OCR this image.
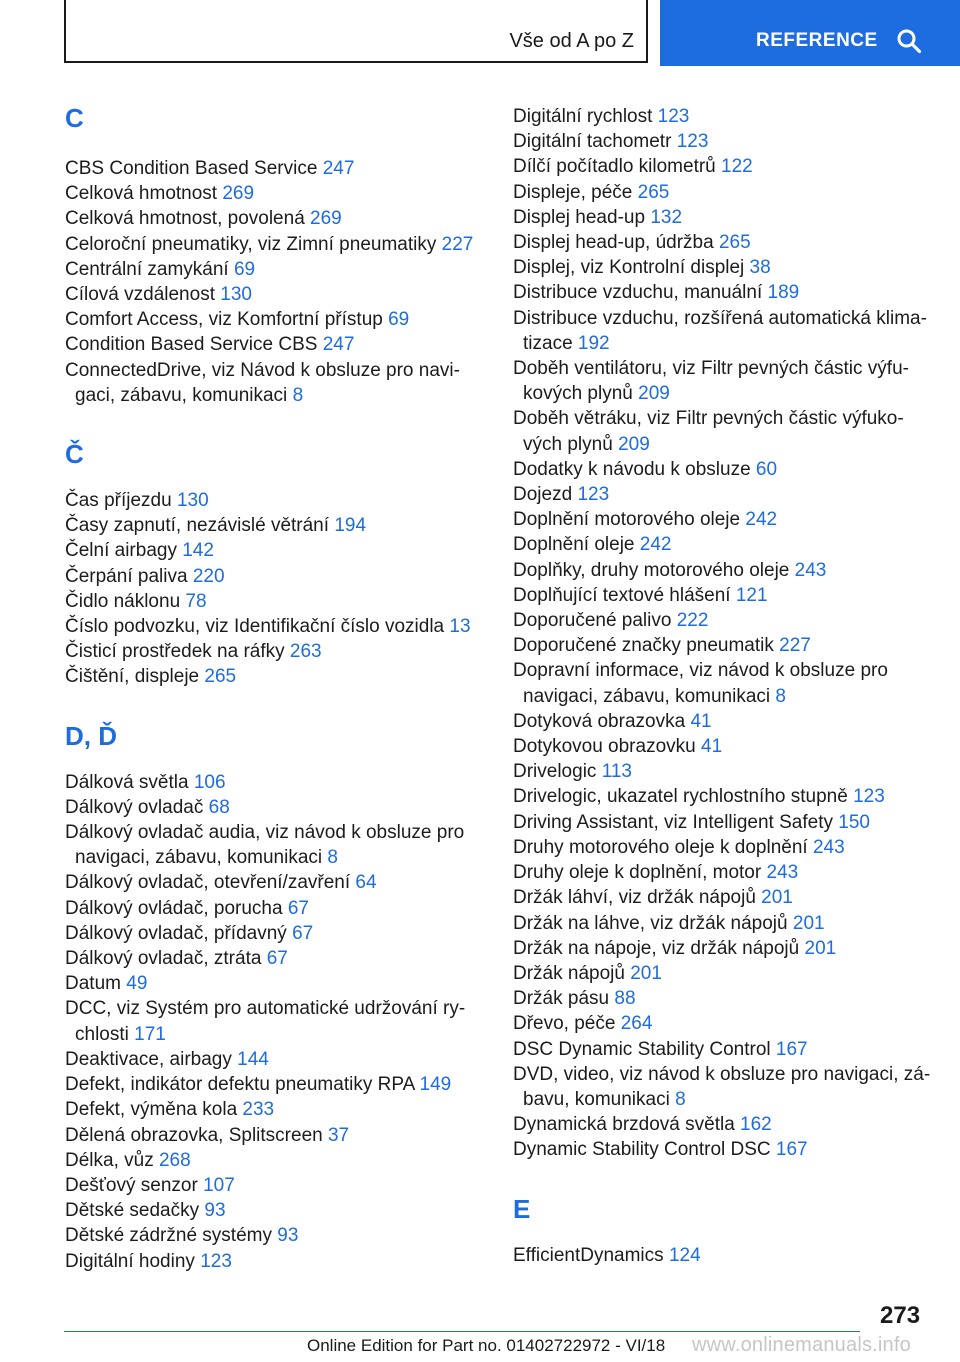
Vše od A po Z	REFERENCE
C
CBS Condition Based Service 247
Celková hmotnost 269
Celková hmotnost, povolená 269
Celoroční pneumatiky, viz Zimní pneumatiky 227
Centrální zamykání 69
Cílová vzdálenost 130
Comfort Access, viz Komfortní přístup 69
Condition Based Service CBS 247
ConnectedDrive, viz Návod k obsluze pro navigaci, zábavu, komunikaci 8
Č
Čas příjezdu 130
Časy zapnutí, nezávislé větrání 194
Čelní airbagy 142
Čerpání paliva 220
Čidlo náklonu 78
Číslo podvozku, viz Identifikační číslo vozidla 13
Čisticí prostředek na ráfky 263
Čištění, displeje 265
D, Ď
Dálková světla 106
Dálkový ovladač 68
Dálkový ovladač audia, viz návod k obsluze pro navigaci, zábavu, komunikaci 8
Dálkový ovladač, otevření/zavření 64
Dálkový ovládač, porucha 67
Dálkový ovladač, přídavný 67
Dálkový ovladač, ztráta 67
Datum 49
DCC, viz Systém pro automatické udržování rychlosti 171
Deaktivace, airbagy 144
Defekt, indikátor defektu pneumatiky RPA 149
Defekt, výměna kola 233
Dělená obrazovka, Splitscreen 37
Délka, vůz 268
Dešťový senzor 107
Dětské sedačky 93
Dětské zádržné systémy 93
Digitální hodiny 123
Digitální rychlost 123
Digitální tachometr 123
Dílčí počítadlo kilometrů 122
Displeje, péče 265
Displej head-up 132
Displej head-up, údržba 265
Displej, viz Kontrolní displej 38
Distribuce vzduchu, manuální 189
Distribuce vzduchu, rozšířená automatická klimatizace 192
Doběh ventilátoru, viz Filtr pevných částic výfukových plynů 209
Doběh větráku, viz Filtr pevných částic výfukových plynů 209
Dodatky k návodu k obsluze 60
Dojezd 123
Doplnění motorového oleje 242
Doplnění oleje 242
Doplňky, druhy motorového oleje 243
Doplňující textové hlášení 121
Doporučené palivo 222
Doporučené značky pneumatik 227
Dopravní informace, viz návod k obsluze pro navigaci, zábavu, komunikaci 8
Dotyková obrazovka 41
Dotykovou obrazovku 41
Drivelogic 113
Drivelogic, ukazatel rychlostního stupně 123
Driving Assistant, viz Intelligent Safety 150
Druhy motorového oleje k doplnění 243
Druhy oleje k doplnění, motor 243
Držák láhví, viz držák nápojů 201
Držák na láhve, viz držák nápojů 201
Držák na nápoje, viz držák nápojů 201
Držák nápojů 201
Držák pásu 88
Dřevo, péče 264
DSC Dynamic Stability Control 167
DVD, video, viz návod k obsluze pro navigaci, zábavu, komunikaci 8
Dynamická brzdová světla 162
Dynamic Stability Control DSC 167
E
EfficientDynamics 124
273
Online Edition for Part no. 01402722972 - VI/18 www.onlinemanuals.info
